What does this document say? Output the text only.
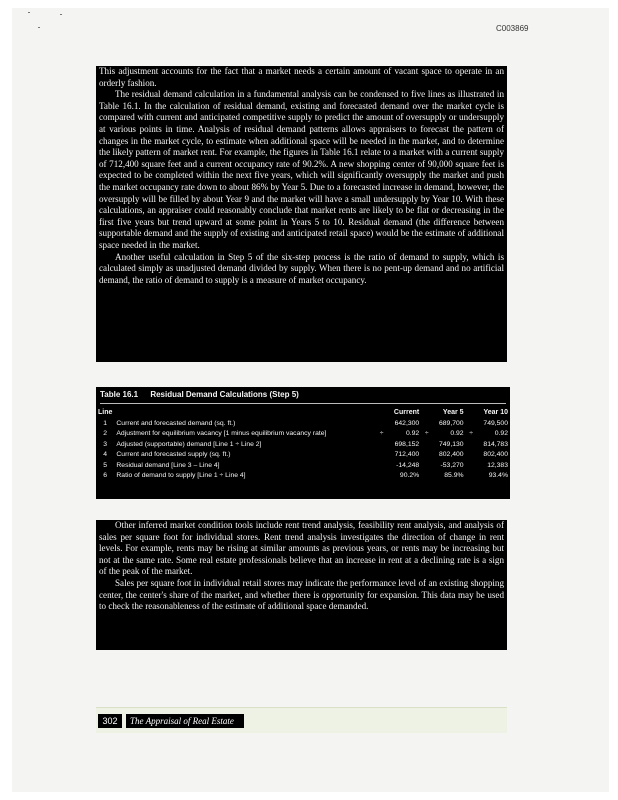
C003869

This adjustment accounts for the fact that a market needs a certain amount of vacant space to operate in an orderly fashion.

The residual demand calculation in a fundamental analysis can be condensed to five lines as illustrated in Table 16.1. In the calculation of residual demand, existing and forecasted demand over the market cycle is compared with current and anticipated competitive supply to predict the amount of oversupply or undersupply at various points in time. Analysis of residual demand patterns allows appraisers to forecast the pattern of changes in the market cycle, to estimate when additional space will be needed in the market, and to determine the likely pattern of market rent. For example, the figures in Table 16.1 relate to a market with a current supply of 712,400 square feet and a current occupancy rate of 90.2%. A new shopping center of 90,000 square feet is expected to be completed within the next five years, which will significantly oversupply the market and push the market occupancy rate down to about 86% by Year 5. Due to a forecasted increase in demand, however, the oversupply will be filled by about Year 9 and the market will have a small undersupply by Year 10. With these calculations, an appraiser could reasonably conclude that market rents are likely to be flat or decreasing in the first five years but trend upward at some point in Years 5 to 10. Residual demand (the difference between supportable demand and the supply of existing and anticipated retail space) would be the estimate of additional space needed in the market.

Another useful calculation in Step 5 of the six-step process is the ratio of demand to supply, which is calculated simply as unadjusted demand divided by supply. When there is no pent-up demand and no artificial demand, the ratio of demand to supply is a measure of market occupancy.

Table 16.1 Residual Demand Calculations (Step 5)
Line			Current		Year 5		Year 10
1	Current and forecasted demand (sq. ft.)		642,300		689,700		749,500
2	Adjustment for equilibrium vacancy [1 minus equilibrium vacancy rate]	÷	0.92	÷	0.92	÷	0.92
3	Adjusted (supportable) demand [Line 1 ÷ Line 2]		698,152		749,130		814,783
4	Current and forecasted supply (sq. ft.)		712,400		802,400		802,400
5	Residual demand [Line 3 – Line 4]		-14,248		-53,270		12,383
6	Ratio of demand to supply [Line 1 ÷ Line 4]		90.2%		85.9%		93.4%

Other inferred market condition tools include rent trend analysis, feasibility rent analysis, and analysis of sales per square foot for individual stores. Rent trend analysis investigates the direction of change in rent levels. For example, rents may be rising at similar amounts as previous years, or rents may be increasing but not at the same rate. Some real estate professionals believe that an increase in rent at a declining rate is a sign of the peak of the market.

Sales per square foot in individual retail stores may indicate the performance level of an existing shopping center, the center's share of the market, and whether there is opportunity for expansion. This data may be used to check the reasonableness of the estimate of additional space demanded.

302	The Appraisal of Real Estate
